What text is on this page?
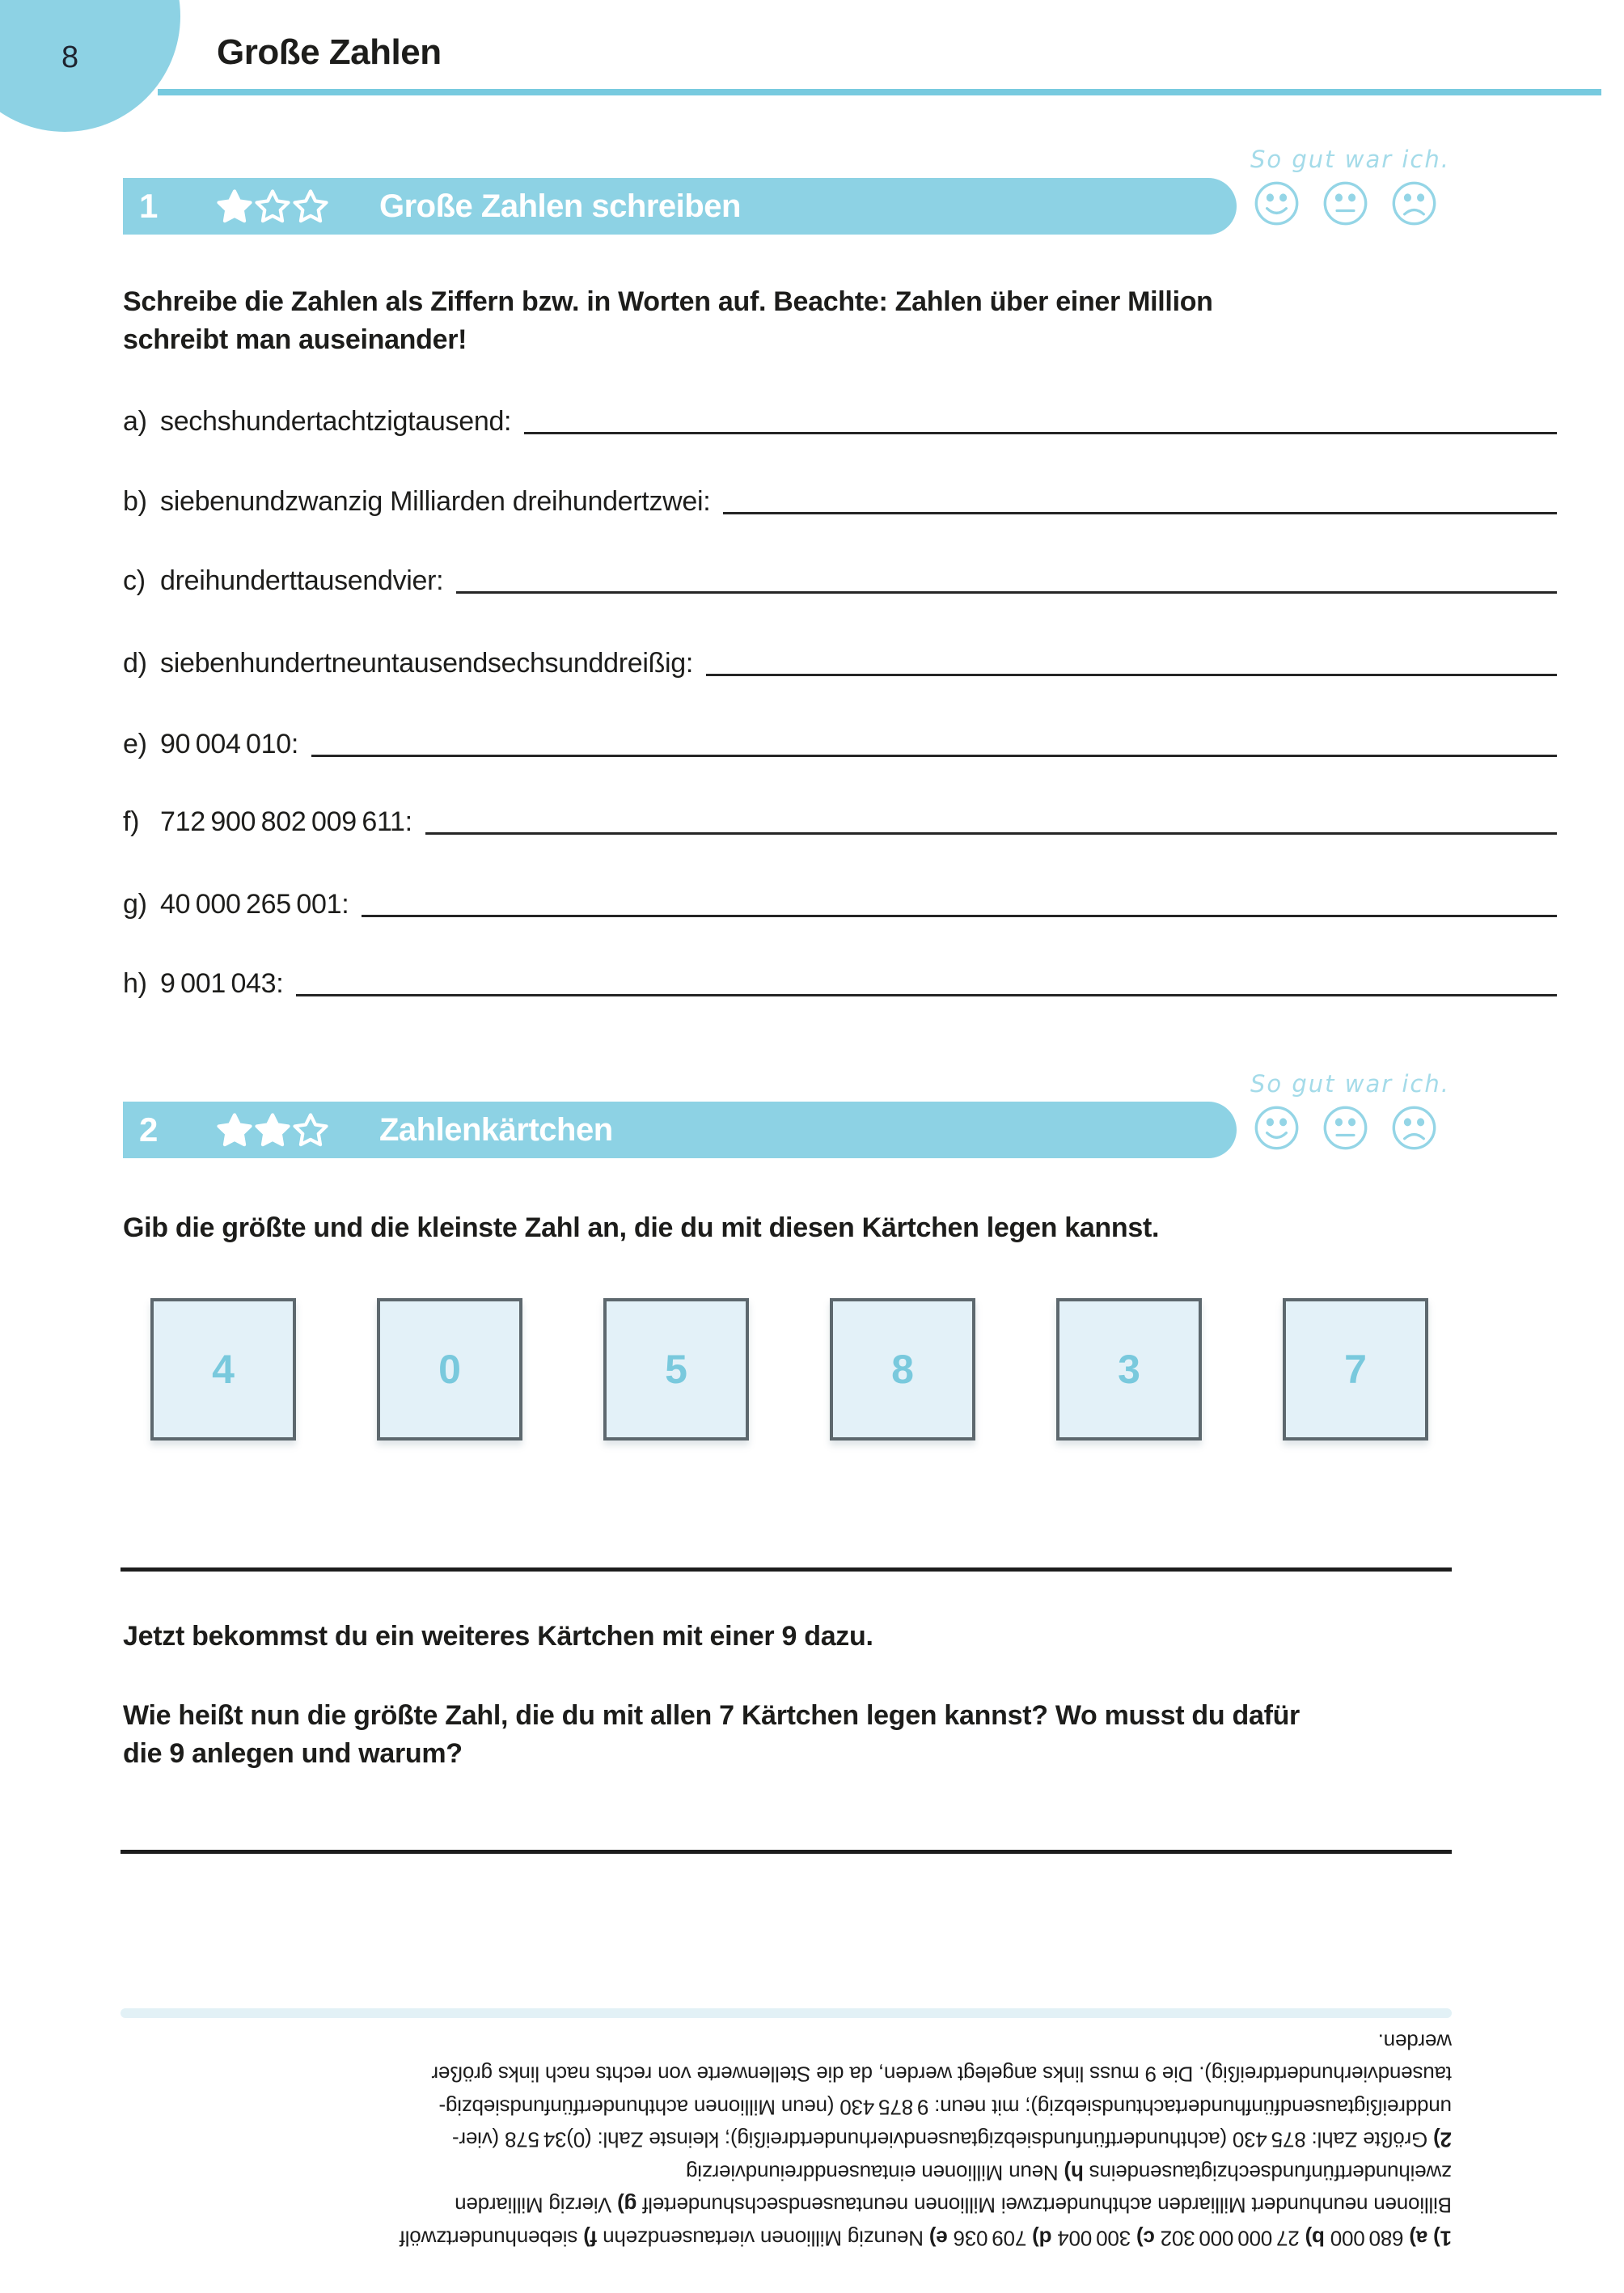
8	Große Zahlen
1	Große Zahlen schreiben
So gut war ich.
Schreibe die Zahlen als Ziffern bzw. in Worten auf. Beachte: Zahlen über einer Million
schreibt man auseinander!
a) sechshundertachtzigtausend:
b) siebenundzwanzig Milliarden dreihundertzwei:
c) dreihunderttausendvier:
d) siebenhundertneuntausendsechsunddreißig:
e) 90 004 010:
f) 712 900 802 009 611:
g) 40 000 265 001:
h) 9 001 043:
2	Zahlenkärtchen
So gut war ich.
Gib die größte und die kleinste Zahl an, die du mit diesen Kärtchen legen kannst.
4	0	5	8	3	7
Jetzt bekommst du ein weiteres Kärtchen mit einer 9 dazu.
Wie heißt nun die größte Zahl, die du mit allen 7 Kärtchen legen kannst? Wo musst du dafür
die 9 anlegen und warum?
1) a) 680 000 b) 27 000 000 302 c) 300 004 d) 709 036 e) Neunzig Millionen viertausendzehn f) siebenhundertzwölf
Billionen neunhundert Milliarden achthundertzwei Millionen neuntausendsechshundertelf g) Vierzig Milliarden
zweihundertfünfundsechzigtausendeins h) Neun Millionen eintausenddreiundvierzig
2) Größte Zahl: 875 430 (achthundertfünfundsiebzigtausendvierhundertdreißig); kleinste Zahl: (0)34 578 (vier-
unddreißigtausendfünfhundertachtundsiebzig); mit neun: 9 875 430 (neun Millionen achthundertfünfundsiebzig-
tausendvierhundertdreißig). Die 9 muss links angelegt werden, da die Stellenwerte von rechts nach links größer
werden.
